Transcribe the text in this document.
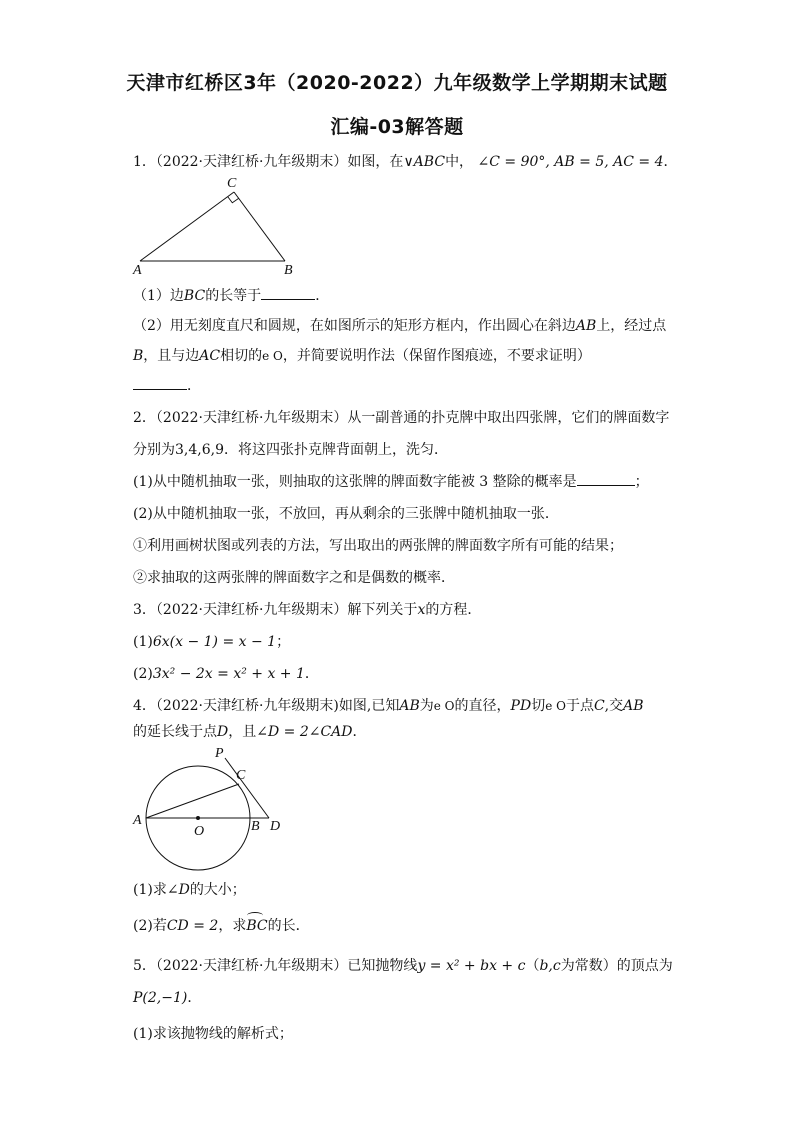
天津市红桥区3年（2020-2022）九年级数学上学期期末试题
汇编-03解答题
1．（2022·天津红桥·九年级期末）如图，在∨ABC中， ∠C = 90°, AB = 5, AC = 4．
C
A	B
（1）边BC的长等于	．
（2）用无刻度直尺和圆规，在如图所示的矩形方框内，作出圆心在斜边AB上，经过点
B，且与边AC相切的e O，并简要说明作法（保留作图痕迹，不要求证明）
．
2．（2022·天津红桥·九年级期末）从一副普通的扑克牌中取出四张牌，它们的牌面数字
分别为3,4,6,9．将这四张扑克牌背面朝上，洗匀．
(1)从中随机抽取一张，则抽取的这张牌的牌面数字能被 3 整除的概率是	；
(2)从中随机抽取一张，不放回，再从剩余的三张牌中随机抽取一张．
①利用画树状图或列表的方法，写出取出的两张牌的牌面数字所有可能的结果；
②求抽取的这两张牌的牌面数字之和是偶数的概率．
3．（2022·天津红桥·九年级期末）解下列关于x的方程．
(1)6x(x − 1) = x − 1；
(2)3x² − 2x = x² + x + 1．
4．（2022·天津红桥·九年级期末)如图,已知AB为e O的直径，PD切e O于点C,交AB
的延长线于点D，且∠D = 2∠CAD．
P
C
A
O	B D
(1)求∠D的大小；
(2)若CD = 2，求
BC的长．
5．（2022·天津红桥·九年级期末）已知抛物线y = x² + bx + c（b,c为常数）的顶点为
P(2,−1)．
(1)求该抛物线的解析式；
